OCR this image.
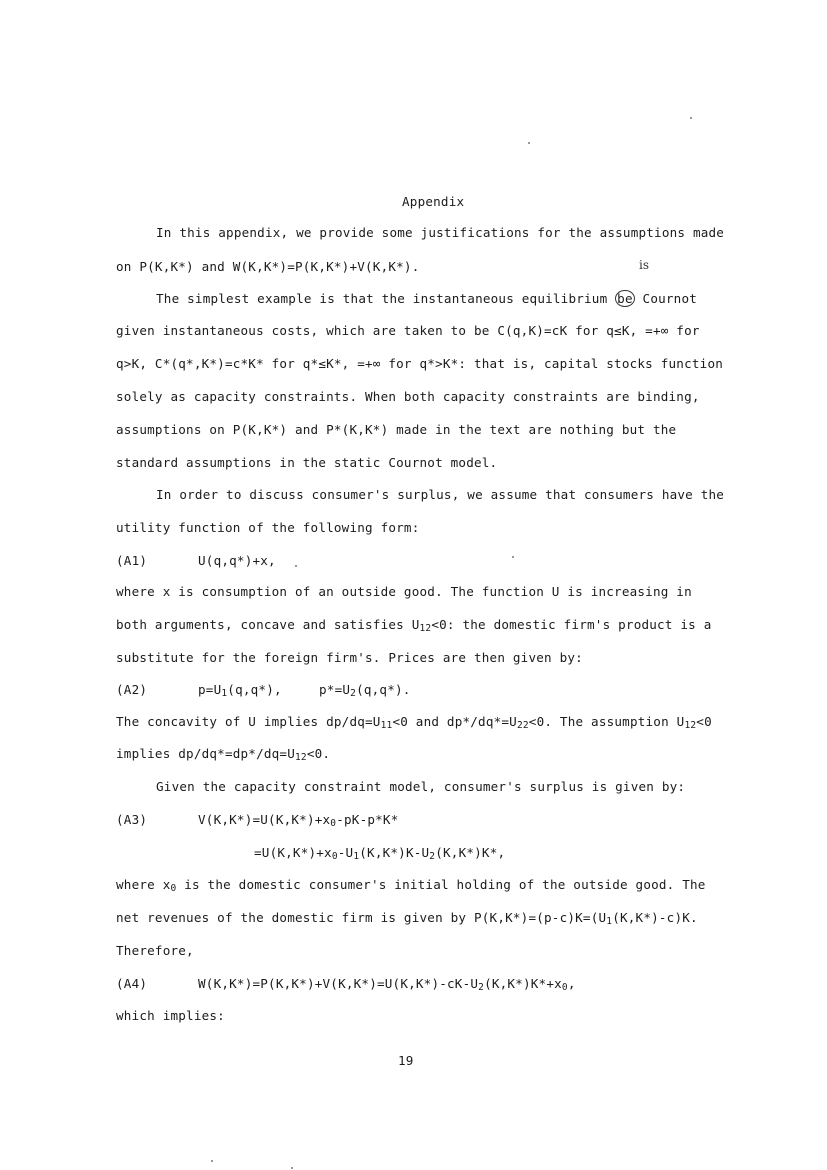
Appendix
In this appendix, we provide some justifications for the assumptions made
on P(K,K*) and W(K,K*)=P(K,K*)+V(K,K*).	is
The simplest example is that the instantaneous equilibrium be Cournot
given instantaneous costs, which are taken to be C(q,K)=cK for q≤K, =+∞ for
q>K, C*(q*,K*)=c*K* for q*≤K*, =+∞ for q*>K*: that is, capital stocks function
solely as capacity constraints. When both capacity constraints are binding,
assumptions on P(K,K*) and P*(K,K*) made in the text are nothing but the
standard assumptions in the static Cournot model.
In order to discuss consumer's surplus, we assume that consumers have the
utility function of the following form:
(A1)	U(q,q*)+x,
where x is consumption of an outside good. The function U is increasing in
both arguments, concave and satisfies $U_{12}<0$: the domestic firm's product is a
substitute for the foreign firm's. Prices are then given by:
(A2)	$p=U_1(q,q*)$,	$p*=U_2(q,q*)$.
The concavity of U implies $dp/dq=U_{11}<0$ and $dp*/dq*=U_{22}<0$. The assumption $U_{12}<0$
implies $dp/dq*=dp*/dq=U_{12}<0$.
Given the capacity constraint model, consumer's surplus is given by:
(A3)	$V(K,K*)=U(K,K*)+x_0-pK-p*K*$
$=U(K,K*)+x_0-U_1(K,K*)K-U_2(K,K*)K*$,
where $x_0$ is the domestic consumer's initial holding of the outside good. The
net revenues of the domestic firm is given by $P(K,K*)=(p-c)K=(U_1(K,K*)-c)K$.
Therefore,
(A4)	$W(K,K*)=P(K,K*)+V(K,K*)=U(K,K*)-cK-U_2(K,K*)K*+x_0$,
which implies:
19
